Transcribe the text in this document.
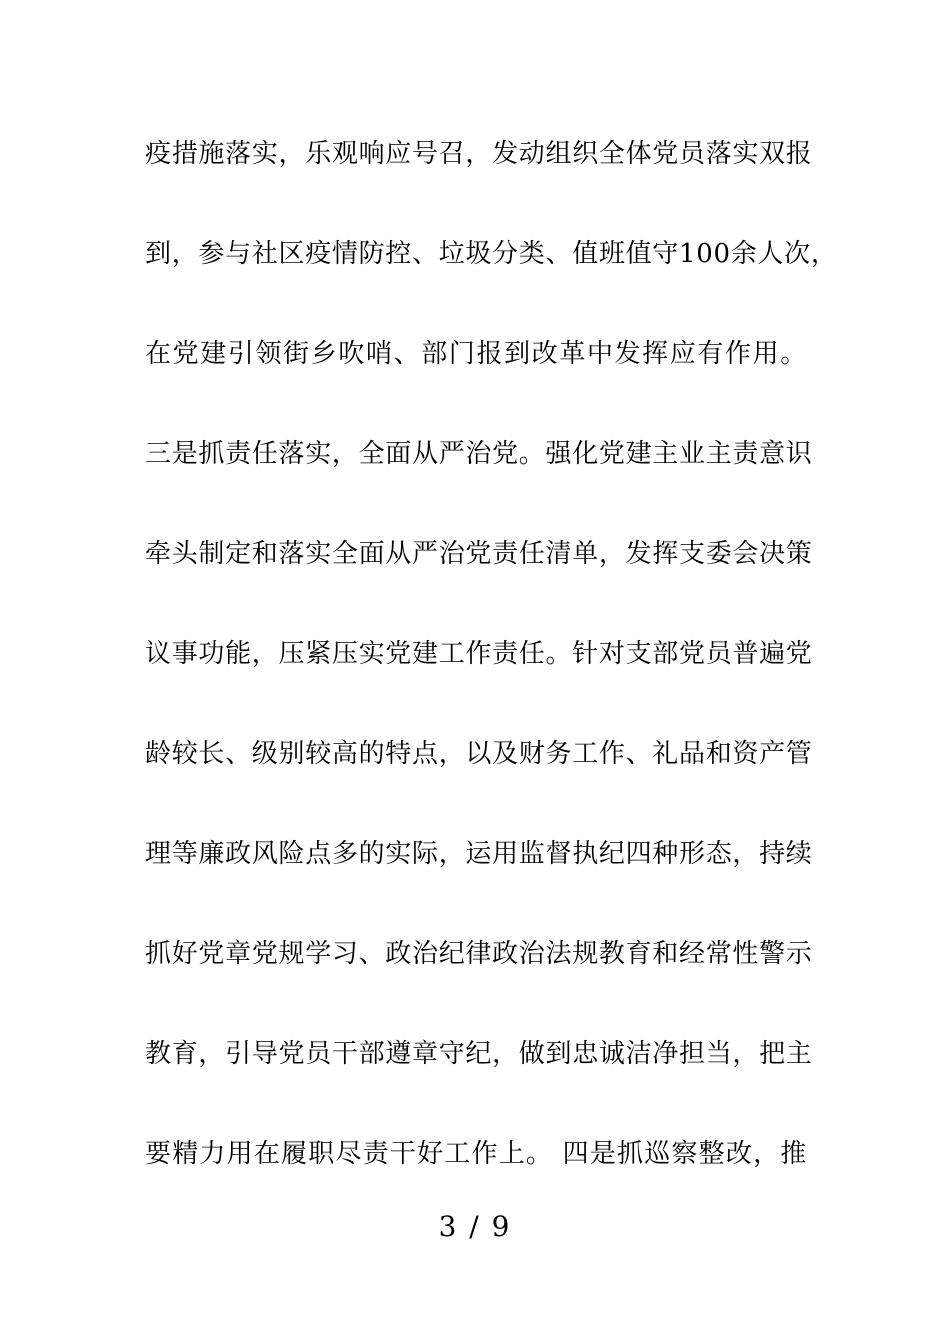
疫措施落实，乐观响应号召，发动组织全体党员落实双报
到，参与社区疫情防控、垃圾分类、值班值守100余人次，
在党建引领街乡吹哨、部门报到改革中发挥应有作用。
三是抓责任落实，全面从严治党。强化党建主业主责意识
牵头制定和落实全面从严治党责任清单，发挥支委会决策
议事功能，压紧压实党建工作责任。针对支部党员普遍党
龄较长、级别较高的特点，以及财务工作、礼品和资产管
理等廉政风险点多的实际，运用监督执纪四种形态，持续
抓好党章党规学习、政治纪律政治法规教育和经常性警示
教育，引导党员干部遵章守纪，做到忠诚洁净担当，把主
要精力用在履职尽责干好工作上。 四是抓巡察整改，推
3 / 9
